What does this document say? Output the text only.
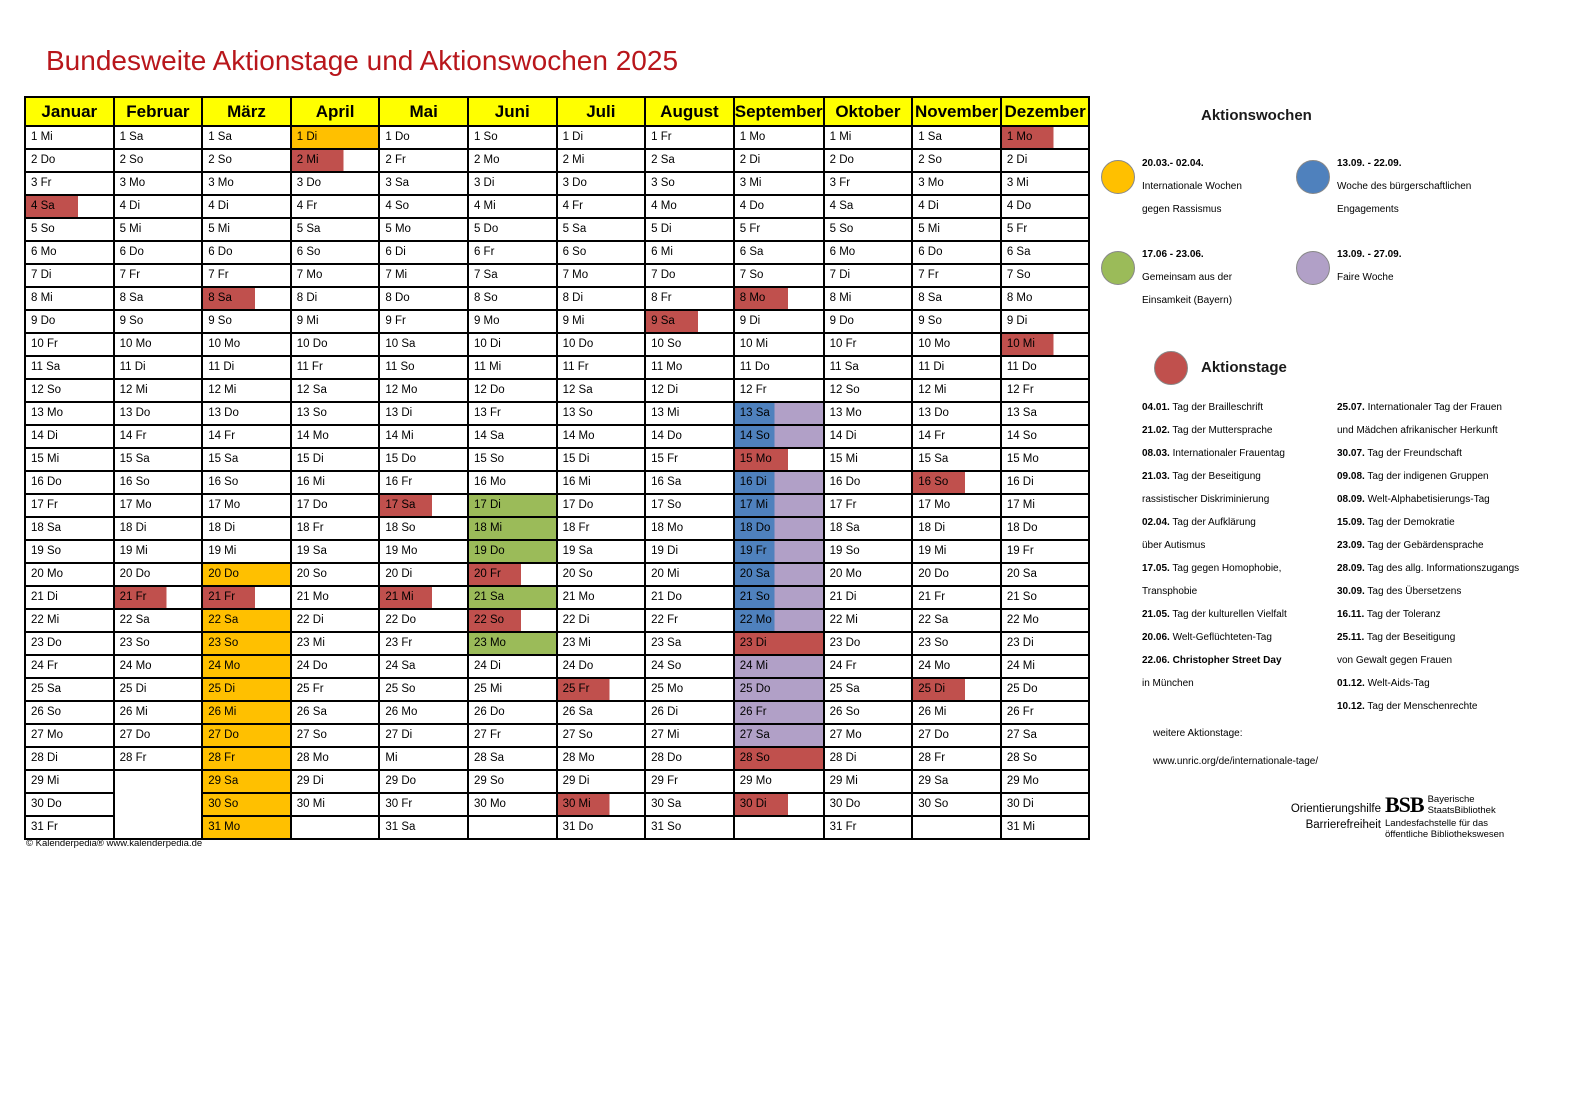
Bundesweite Aktionstage und Aktionswochen 2025
Januar	Februar	März	April	Mai	Juni	Juli	August	September	Oktober	November	Dezember

1 Mi	1 Sa	1 Sa	1 Di	1 Do	1 So	1 Di	1 Fr	1 Mo	1 Mi	1 Sa	1 Mo

2 Do	2 So	2 So	2 Mi	2 Fr	2 Mo	2 Mi	2 Sa	2 Di	2 Do	2 So	2 Di

3 Fr	3 Mo	3 Mo	3 Do	3 Sa	3 Di	3 Do	3 So	3 Mi	3 Fr	3 Mo	3 Mi

4 Sa	4 Di	4 Di	4 Fr	4 So	4 Mi	4 Fr	4 Mo	4 Do	4 Sa	4 Di	4 Do

5 So	5 Mi	5 Mi	5 Sa	5 Mo	5 Do	5 Sa	5 Di	5 Fr	5 So	5 Mi	5 Fr

6 Mo	6 Do	6 Do	6 So	6 Di	6 Fr	6 So	6 Mi	6 Sa	6 Mo	6 Do	6 Sa

7 Di	7 Fr	7 Fr	7 Mo	7 Mi	7 Sa	7 Mo	7 Do	7 So	7 Di	7 Fr	7 So

8 Mi	8 Sa	8 Sa	8 Di	8 Do	8 So	8 Di	8 Fr	8 Mo	8 Mi	8 Sa	8 Mo

9 Do	9 So	9 So	9 Mi	9 Fr	9 Mo	9 Mi	9 Sa	9 Di	9 Do	9 So	9 Di

10 Fr	10 Mo	10 Mo	10 Do	10 Sa	10 Di	10 Do	10 So	10 Mi	10 Fr	10 Mo	10 Mi

11 Sa	11 Di	11 Di	11 Fr	11 So	11 Mi	11 Fr	11 Mo	11 Do	11 Sa	11 Di	11 Do

12 So	12 Mi	12 Mi	12 Sa	12 Mo	12 Do	12 Sa	12 Di	12 Fr	12 So	12 Mi	12 Fr

13 Mo	13 Do	13 Do	13 So	13 Di	13 Fr	13 So	13 Mi	13 Sa	13 Mo	13 Do	13 Sa

14 Di	14 Fr	14 Fr	14 Mo	14 Mi	14 Sa	14 Mo	14 Do	14 So	14 Di	14 Fr	14 So

15 Mi	15 Sa	15 Sa	15 Di	15 Do	15 So	15 Di	15 Fr	15 Mo	15 Mi	15 Sa	15 Mo

16 Do	16 So	16 So	16 Mi	16 Fr	16 Mo	16 Mi	16 Sa	16 Di	16 Do	16 So	16 Di

17 Fr	17 Mo	17 Mo	17 Do	17 Sa	17 Di	17 Do	17 So	17 Mi	17 Fr	17 Mo	17 Mi

18 Sa	18 Di	18 Di	18 Fr	18 So	18 Mi	18 Fr	18 Mo	18 Do	18 Sa	18 Di	18 Do

19 So	19 Mi	19 Mi	19 Sa	19 Mo	19 Do	19 Sa	19 Di	19 Fr	19 So	19 Mi	19 Fr

20 Mo	20 Do	20 Do	20 So	20 Di	20 Fr	20 So	20 Mi	20 Sa	20 Mo	20 Do	20 Sa

21 Di	21 Fr	21 Fr	21 Mo	21 Mi	21 Sa	21 Mo	21 Do	21 So	21 Di	21 Fr	21 So

22 Mi	22 Sa	22 Sa	22 Di	22 Do	22 So	22 Di	22 Fr	22 Mo	22 Mi	22 Sa	22 Mo

23 Do	23 So	23 So	23 Mi	23 Fr	23 Mo	23 Mi	23 Sa	23 Di	23 Do	23 So	23 Di

24 Fr	24 Mo	24 Mo	24 Do	24 Sa	24 Di	24 Do	24 So	24 Mi	24 Fr	24 Mo	24 Mi

25 Sa	25 Di	25 Di	25 Fr	25 So	25 Mi	25 Fr	25 Mo	25 Do	25 Sa	25 Di	25 Do

26 So	26 Mi	26 Mi	26 Sa	26 Mo	26 Do	26 Sa	26 Di	26 Fr	26 So	26 Mi	26 Fr

27 Mo	27 Do	27 Do	27 So	27 Di	27 Fr	27 So	27 Mi	27 Sa	27 Mo	27 Do	27 Sa

28 Di	28 Fr	28 Fr	28 Mo	Mi	28 Sa	28 Mo	28 Do	28 So	28 Di	28 Fr	28 So

29 Mi		29 Sa	29 Di	29 Do	29 So	29 Di	29 Fr	29 Mo	29 Mi	29 Sa	29 Mo

30 Do		30 So	30 Mi	30 Fr	30 Mo	30 Mi	30 Sa	30 Di	30 Do	30 So	30 Di

31 Fr		31 Mo		31 Sa		31 Do	31 So		31 Fr		31 Mi
© Kalenderpedia® www.kalenderpedia.de
Aktionswochen
20.03.- 02.04.
Internationale Wochen
gegen Rassismus
13.09. - 22.09.
Woche des bürgerschaftlichen
Engagements
17.06 - 23.06.
Gemeinsam aus der
Einsamkeit (Bayern)
13.09. - 27.09.
Faire Woche
Aktionstage
04.01. Tag der Brailleschrift
21.02. Tag der Muttersprache
08.03. Internationaler Frauentag
21.03. Tag der Beseitigung
rassistischer Diskriminierung
02.04. Tag der Aufklärung
über Autismus
17.05. Tag gegen Homophobie,
Transphobie
21.05. Tag der kulturellen Vielfalt
20.06. Welt-Geflüchteten-Tag
22.06. Christopher Street Day
in München
25.07. Internationaler Tag der Frauen
und Mädchen afrikanischer Herkunft
30.07. Tag der Freundschaft
09.08. Tag der indigenen Gruppen
08.09. Welt-Alphabetisierungs-Tag
15.09. Tag der Demokratie
23.09. Tag der Gebärdensprache
28.09. Tag des allg. Informationszugangs
30.09. Tag des Übersetzens
16.11. Tag der Toleranz
25.11. Tag der Beseitigung
von Gewalt gegen Frauen
01.12. Welt-Aids-Tag
10.12. Tag der Menschenrechte
weitere Aktionstage:
www.unric.org/de/internationale-tage/
Orientierungshilfe
Barrierefreiheit
BSB Bayerische
StaatsBibliothek
Landesfachstelle für das
öffentliche Bibliothekswesen
